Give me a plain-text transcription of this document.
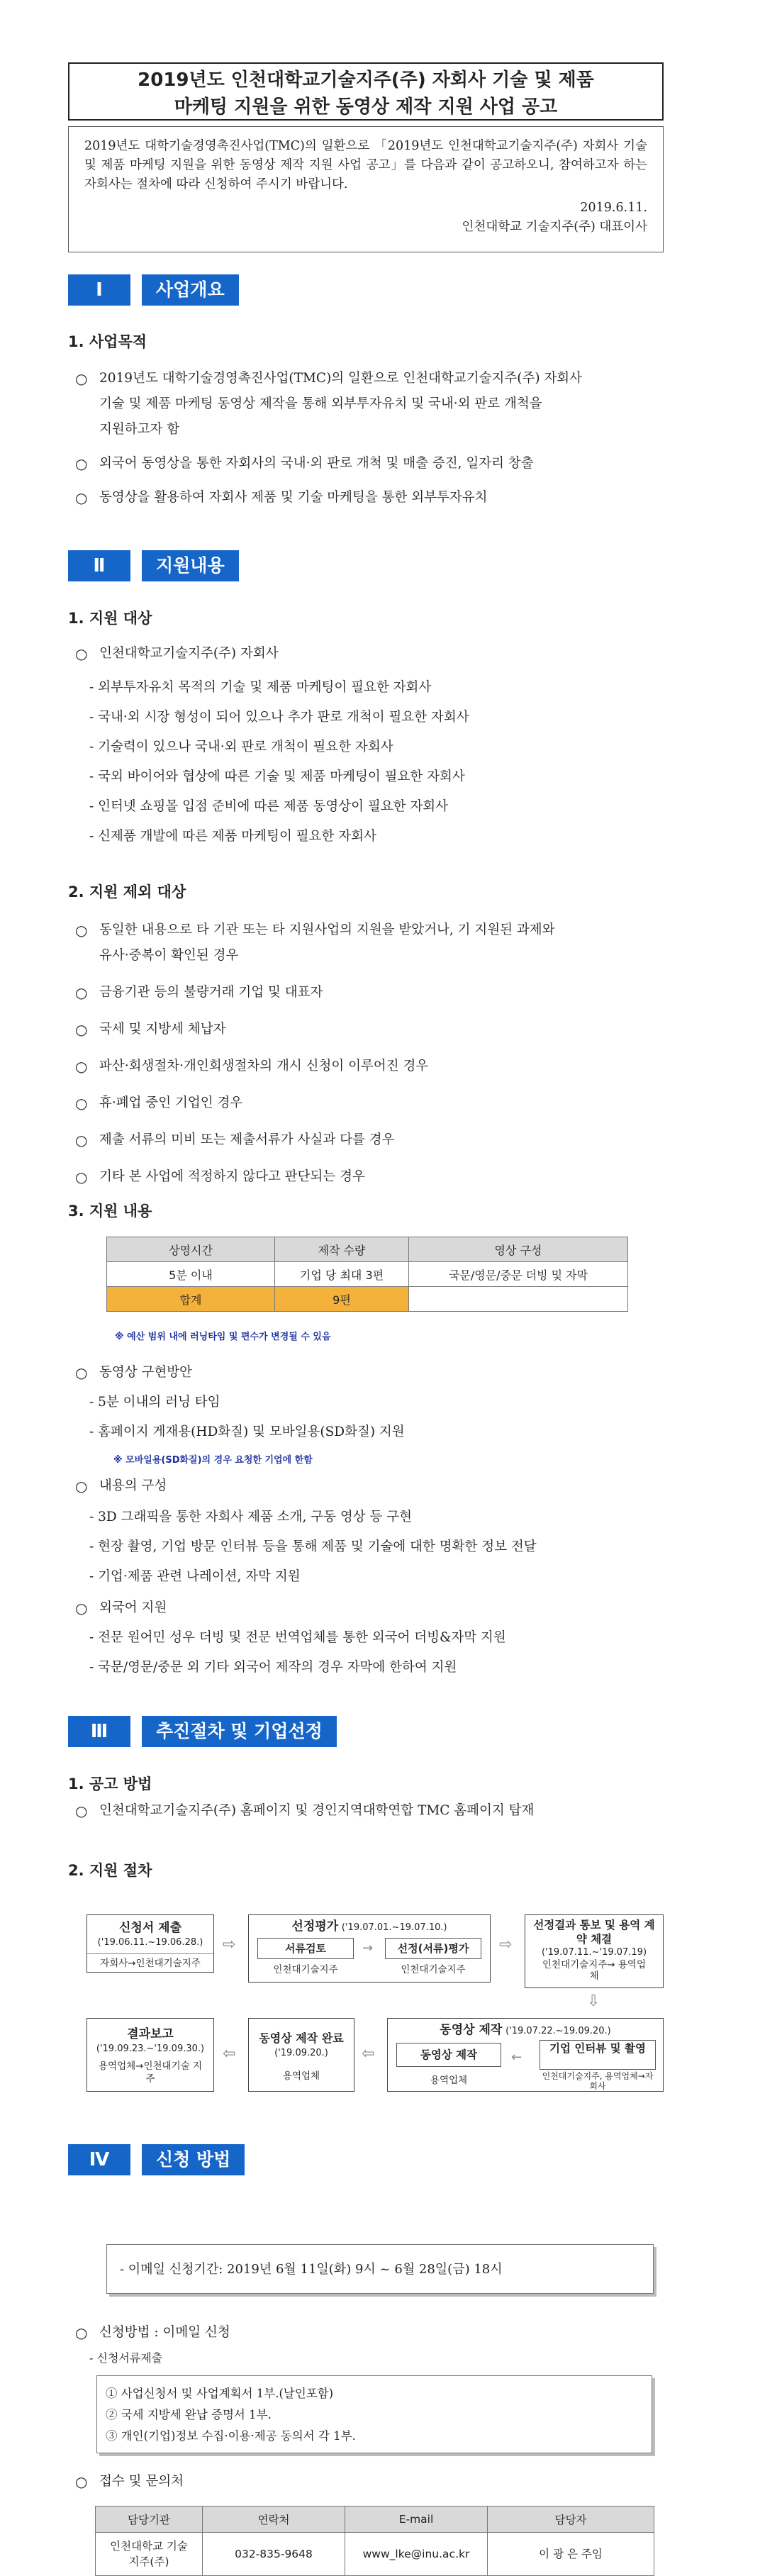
2019년도 인천대학교기술지주(주) 자회사 기술 및 제품
마케팅 지원을 위한 동영상 제작 지원 사업 공고
2019년도 대학기술경영촉진사업(TMC)의 일환으로 「2019년도 인천대학교기술지주(주) 자회사 기술 및 제품 마케팅 지원을 위한 동영상 제작 지원 사업 공고」를 다음과 같이 공고하오니, 참여하고자 하는 자회사는 절차에 따라 신청하여 주시기 바랍니다.
2019.6.11.
인천대학교 기술지주(주) 대표이사
Ⅰ	사업개요
1. 사업목적
○ 2019년도 대학기술경영촉진사업(TMC)의 일환으로 인천대학교기술지주(주) 자회사
기술 및 제품 마케팅 동영상 제작을 통해 외부투자유치 및 국내·외 판로 개척을
지원하고자 함
○ 외국어 동영상을 통한 자회사의 국내·외 판로 개척 및 매출 증진, 일자리 창출
○ 동영상을 활용하여 자회사 제품 및 기술 마케팅을 통한 외부투자유치
Ⅱ	지원내용
1. 지원 대상
○ 인천대학교기술지주(주) 자회사
- 외부투자유치 목적의 기술 및 제품 마케팅이 필요한 자회사
- 국내·외 시장 형성이 되어 있으나 추가 판로 개척이 필요한 자회사
- 기술력이 있으나 국내·외 판로 개척이 필요한 자회사
- 국외 바이어와 협상에 따른 기술 및 제품 마케팅이 필요한 자회사
- 인터넷 쇼핑몰 입점 준비에 따른 제품 동영상이 필요한 자회사
- 신제품 개발에 따른 제품 마케팅이 필요한 자회사
2. 지원 제외 대상
○ 동일한 내용으로 타 기관 또는 타 지원사업의 지원을 받았거나, 기 지원된 과제와
유사·중복이 확인된 경우
○ 금융기관 등의 불량거래 기업 및 대표자
○ 국세 및 지방세 체납자
○ 파산·회생절차·개인회생절차의 개시 신청이 이루어진 경우
○ 휴·폐업 중인 기업인 경우
○ 제출 서류의 미비 또는 제출서류가 사실과 다를 경우
○ 기타 본 사업에 적정하지 않다고 판단되는 경우
3. 지원 내용
상영시간	제작 수량	영상 구성
5분 이내	기업 당 최대 3편	국문/영문/중문 더빙 및 자막
합계	9편	
※ 예산 범위 내에 러닝타임 및 편수가 변경될 수 있음
○ 동영상 구현방안
- 5분 이내의 러닝 타임
- 홈페이지 게재용(HD화질) 및 모바일용(SD화질) 지원
※ 모바일용(SD화질)의 경우 요청한 기업에 한함
○ 내용의 구성
- 3D 그래픽을 통한 자회사 제품 소개, 구동 영상 등 구현
- 현장 촬영, 기업 방문 인터뷰 등을 통해 제품 및 기술에 대한 명확한 정보 전달
- 기업·제품 관련 나레이션, 자막 지원
○ 외국어 지원
- 전문 원어민 성우 더빙 및 전문 번역업체를 통한 외국어 더빙&자막 지원
- 국문/영문/중문 외 기타 외국어 제작의 경우 자막에 한하여 지원
Ⅲ	추진절차 및 기업선정
1. 공고 방법
○ 인천대학교기술지주(주) 홈페이지 및 경인지역대학연합 TMC 홈페이지 탑재
2. 지원 절차
신청서 제출
('19.06.11.~19.06.28.)
자회사→인천대기술지주
⇨
선정평가 ('19.07.01.~19.07.10.)
서류검토	→	선정(서류)평가
인천대기술지주	인천대기술지주
⇨
선정결과 통보 및 용역 계약 체결
('19.07.11.~'19.07.19)
인천대기술지주→ 용역업체
⇩
결과보고
('19.09.23.~'19.09.30.)
용역업체→인천대기술 지주
⇦
동영상 제작 완료
('19.09.20.)
용역업체
⇦
동영상 제작 ('19.07.22.~19.09.20.)
동영상 제작	←
기업 인터뷰 및 촬영
용역업체	인천대기술지주, 용역업체→자회사
Ⅳ	신청 방법
- 이메일 신청기간: 2019년 6월 11일(화) 9시 ~ 6월 28일(금) 18시
○ 신청방법 : 이메일 신청
- 신청서류제출
① 사업신청서 및 사업계획서 1부.(날인포함)
② 국세 지방세 완납 증명서 1부.
③ 개인(기업)정보 수집·이용·제공 동의서 각 1부.
○ 접수 및 문의처
담당기관	연락처	E-mail	담당자
인천대학교 기술지주(주)	032-835-9648	www_lke@inu.ac.kr	이 광 은 주임
